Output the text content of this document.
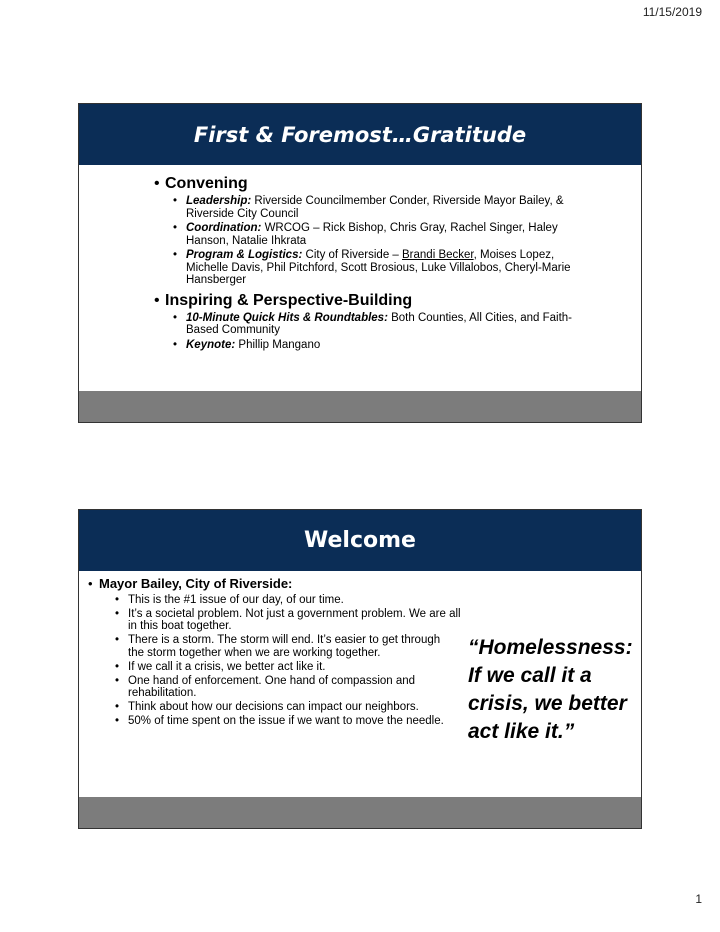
11/15/2019
First & Foremost…Gratitude
• Convening
• Leadership: Riverside Councilmember Conder, Riverside Mayor Bailey, & Riverside City Council
• Coordination: WRCOG – Rick Bishop, Chris Gray, Rachel Singer, Haley Hanson, Natalie Ihkrata
• Program & Logistics: City of Riverside – Brandi Becker, Moises Lopez, Michelle Davis, Phil Pitchford, Scott Brosious, Luke Villalobos, Cheryl-Marie Hansberger
• Inspiring & Perspective-Building
• 10-Minute Quick Hits & Roundtables: Both Counties, All Cities, and Faith-Based Community
• Keynote: Phillip Mangano
Welcome
• Mayor Bailey, City of Riverside:
• This is the #1 issue of our day, of our time.
• It’s a societal problem. Not just a government problem. We are all in this boat together.
• There is a storm. The storm will end. It’s easier to get through the storm together when we are working together.
• If we call it a crisis, we better act like it.
• One hand of enforcement. One hand of compassion and rehabilitation.
• Think about how our decisions can impact our neighbors.
• 50% of time spent on the issue if we want to move the needle.
“Homelessness:
If we call it a
crisis, we better
act like it.”
1
